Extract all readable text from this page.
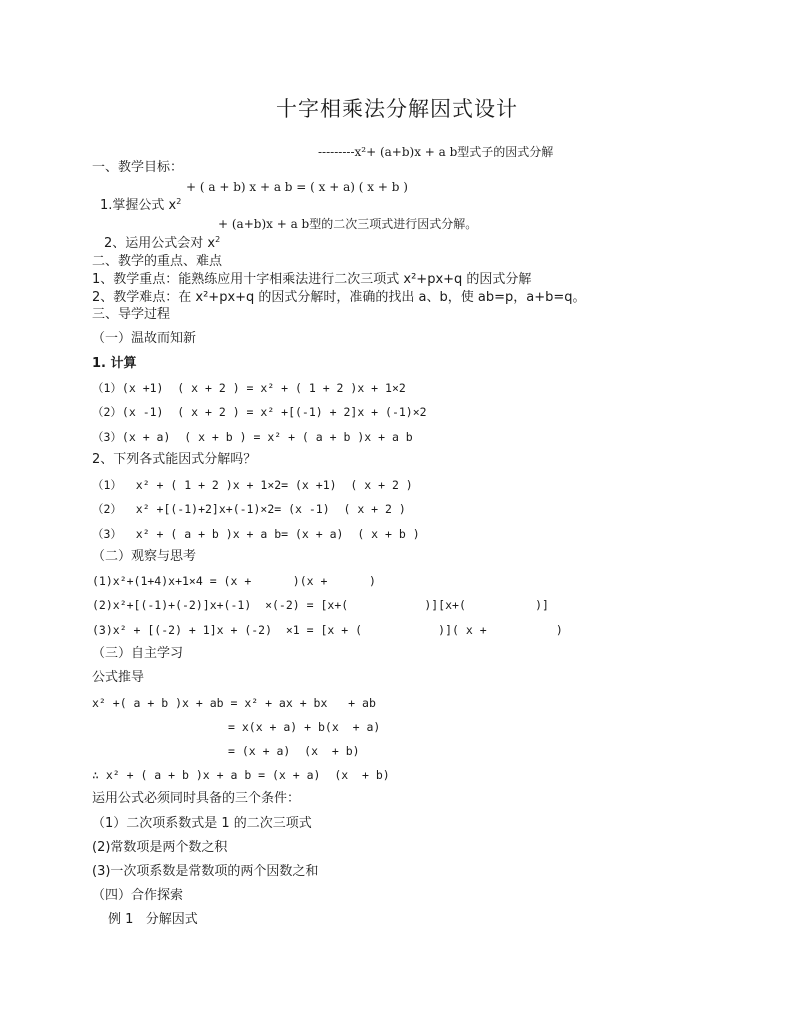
十字相乘法分解因式设计
---------x²+ (a+b)x + a b型式子的因式分解
一、教学目标：
+ ( a + b) x + a b = ( x + a) ( x + b )
1.掌握公式 $x^2$
+ (a+b)x + a b型的二次三项式进行因式分解。
2、运用公式会对 $x^2$
二、教学的重点、难点
1、教学重点：能熟练应用十字相乘法进行二次三项式 x²+px+q 的因式分解
2、教学难点：在 x²+px+q 的因式分解时，准确的找出 a、b，使 ab=p，a+b=q。
三、导学过程
（一）温故而知新
1. 计算
（1）(x +1)  ( x + 2 ) = x² + ( 1 + 2 )x + 1×2
（2）(x -1)  ( x + 2 ) = x² +[(-1) + 2]x + (-1)×2
（3）(x + a)  ( x + b ) = x² + ( a + b )x + a b
2、下列各式能因式分解吗？
（1）  x² + ( 1 + 2 )x + 1×2= (x +1)  ( x + 2 )
（2）  x² +[(-1)+2]x+(-1)×2= (x -1)  ( x + 2 )
（3）  x² + ( a + b )x + a b= (x + a)  ( x + b )
（二）观察与思考
(1)x²+(1+4)x+1×4 = (x +      )(x +      )
(2)x²+[(-1)+(-2)]x+(-1)  ×(-2) = [x+(           )][x+(          )]
(3)x² + [(-2) + 1]x + (-2)  ×1 = [x + (           )]( x +          )
（三）自主学习
公式推导
x² +( a + b )x + ab = x² + ax + bx   + ab
= x(x + a) + b(x  + a)
= (x + a)  (x  + b)
∴ x² + ( a + b )x + a b = (x + a)  (x  + b)
运用公式必须同时具备的三个条件：
（1）二次项系数式是 1 的二次三项式
(2)常数项是两个数之积
(3)一次项系数是常数项的两个因数之和
（四）合作探索
例 1   分解因式
